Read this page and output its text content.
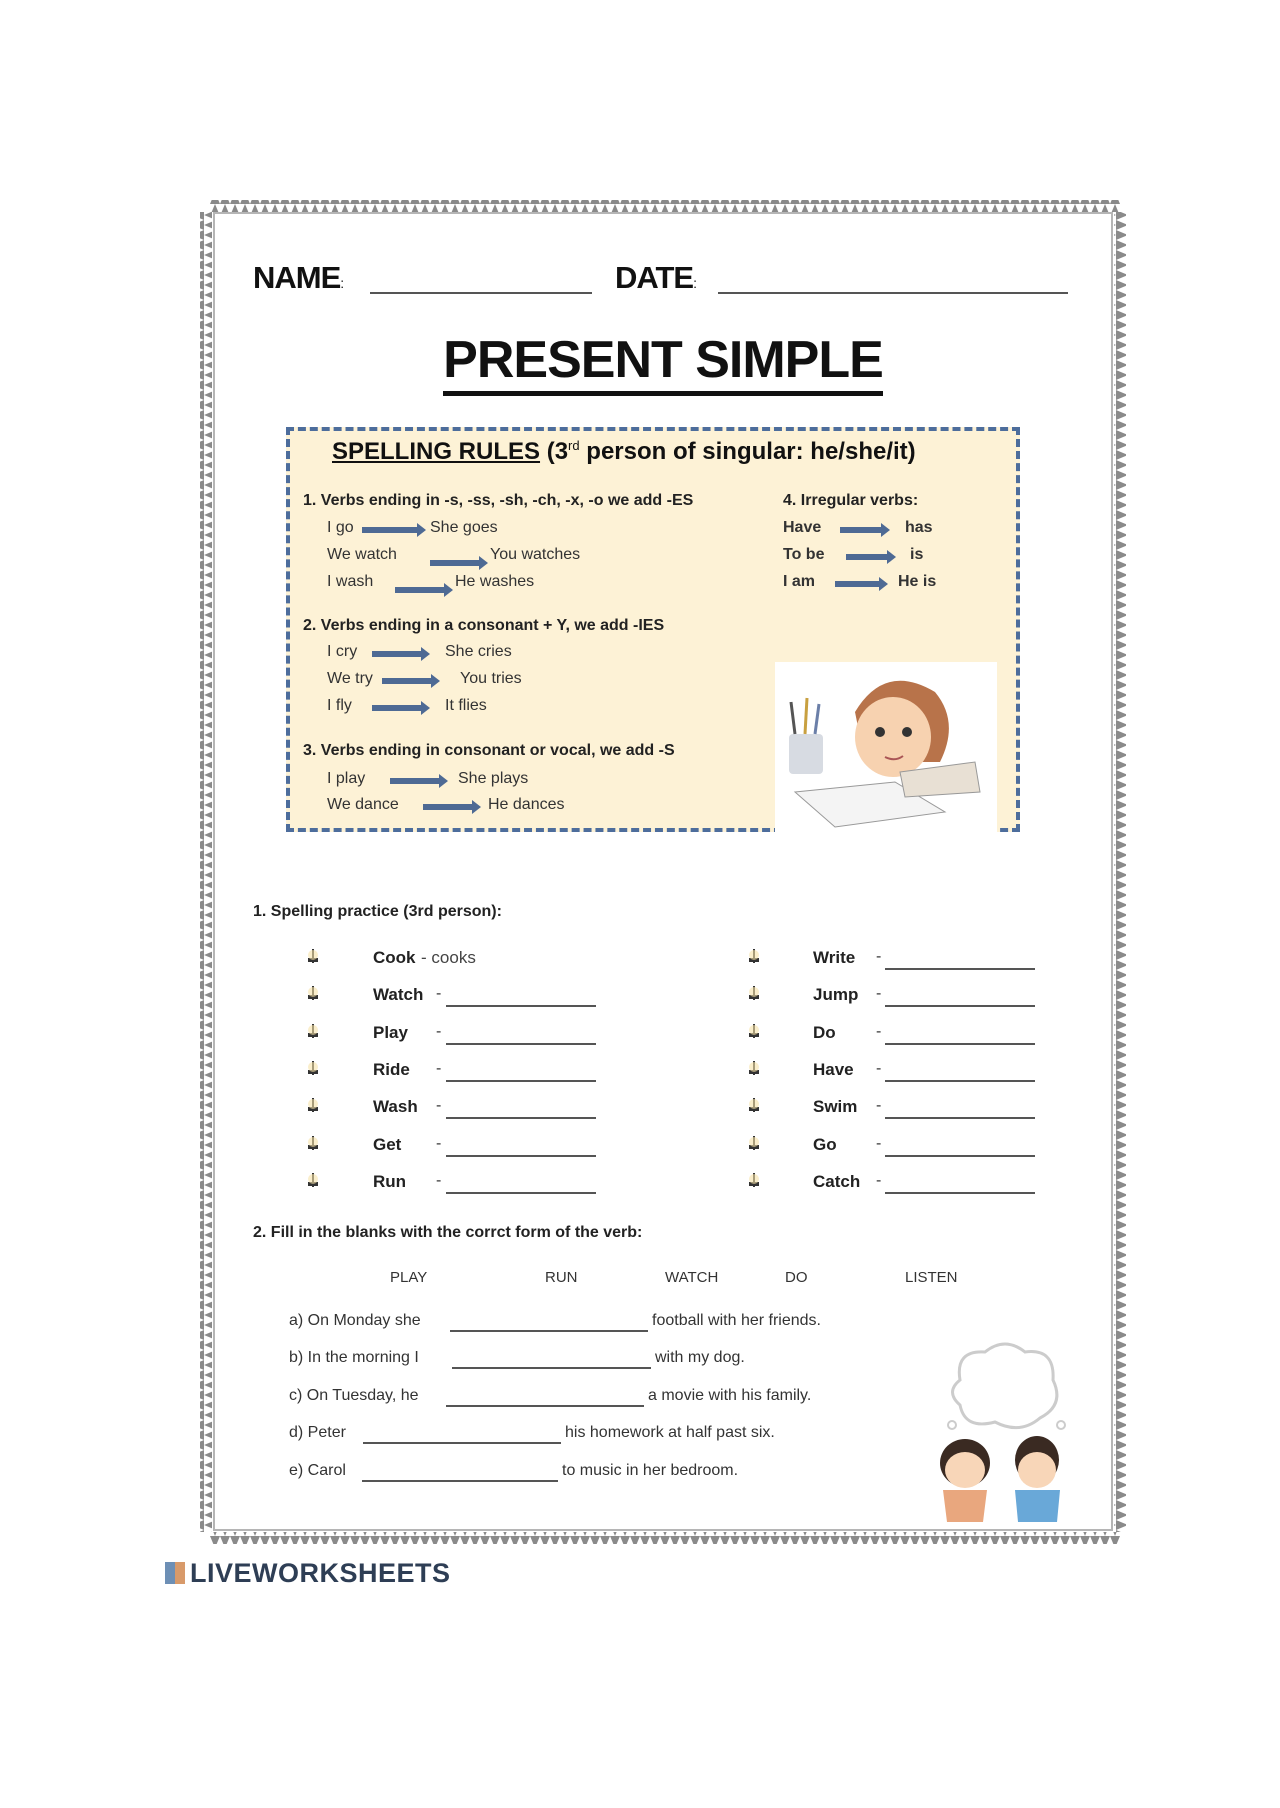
NAME:	DATE:
PRESENT SIMPLE
SPELLING RULES (3rd person of singular: he/she/it)
1. Verbs ending in -s, -ss, -sh, -ch, -x, -o we add -ES
I go	She goes
We watch	You watches
I wash	He washes
2. Verbs ending in a consonant + Y, we add -IES
I cry	She cries
We try	You tries
I fly	It flies
3. Verbs ending in consonant or vocal, we add -S
I play	She plays
We dance	He dances
4. Irregular verbs:
Have	has
To be	is
I am	He is
1. Spelling practice (3rd person):
Cook - cooks
Watch -
Play -
Ride -
Wash -
Get -
Run -
Write -
Jump -
Do	-
Have -
Swim -
Go -
Catch -
2. Fill in the blanks with the corrct form of the verb:
PLAY	RUN	WATCH	DO	LISTEN
a) On Monday she	football with her friends.
b) In the morning I	with my dog.
c) On Tuesday, he	a movie with his family.
d) Peter	his homework at half past six.
e) Carol	to music in her bedroom.
LIVEWORKSHEETS
